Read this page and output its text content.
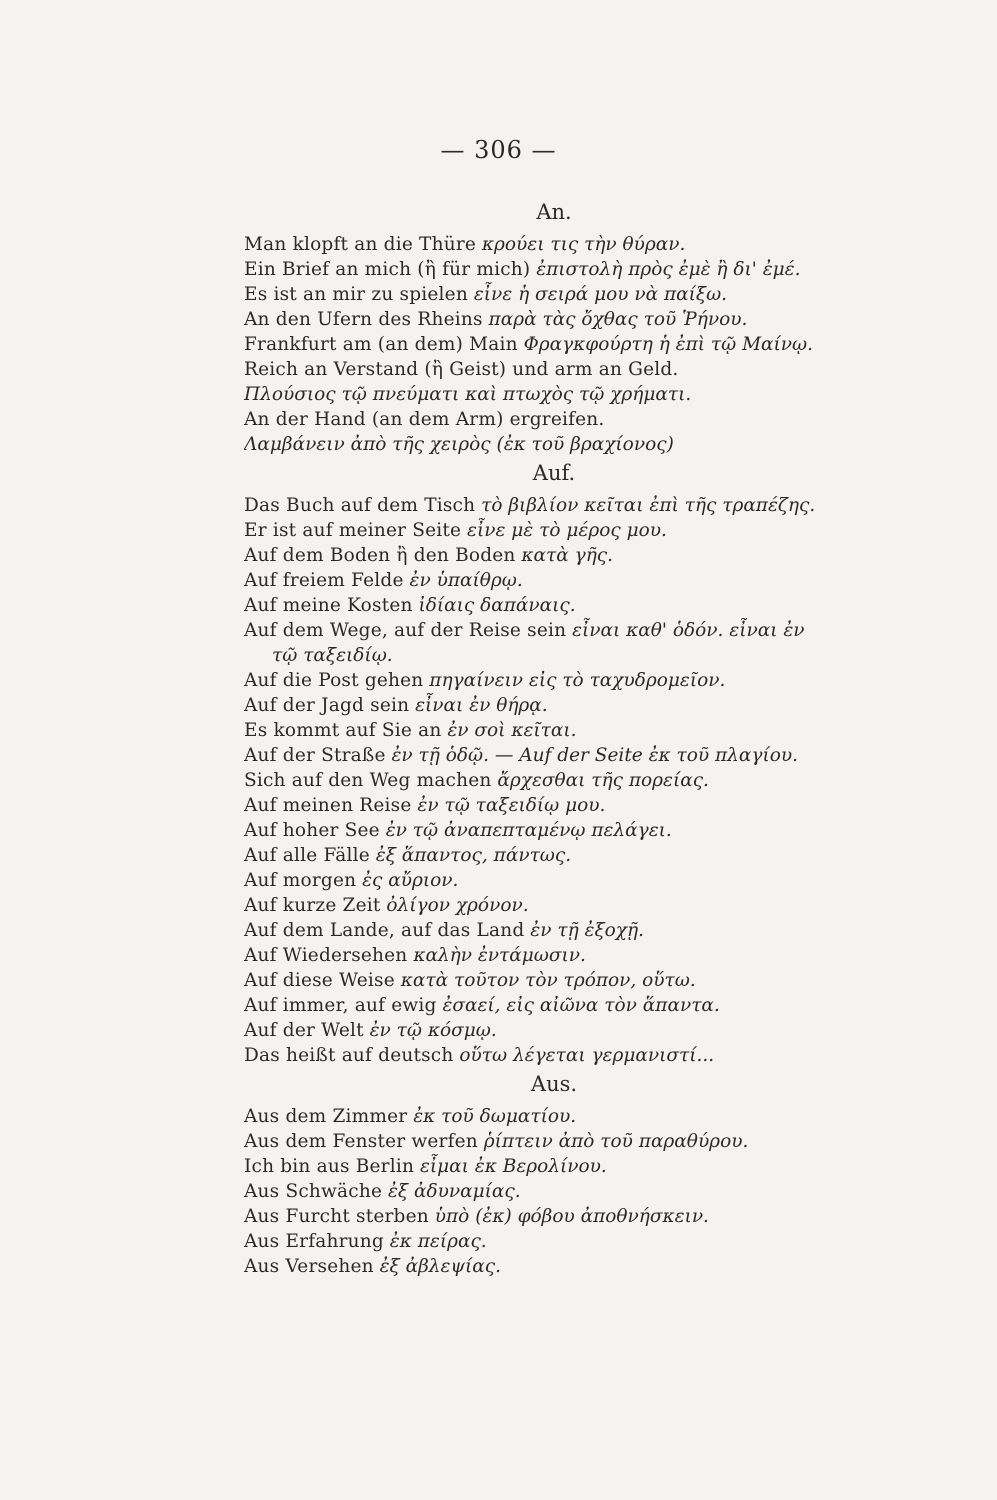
— 306 —
An.
Man klopft an die Thüre κρούει τις τὴν θύραν.
Ein Brief an mich (ἢ für mich) ἐπιστολὴ πρὸς ἐμὲ ἢ δι' ἐμέ.
Es ist an mir zu spielen εἶνε ἡ σειρά μου νὰ παίξω.
An den Ufern des Rheins παρὰ τὰς ὄχθας τοῦ Ῥήνου.
Frankfurt am (an dem) Main Φραγκφούρτη ἡ ἐπὶ τῷ Μαίνῳ.
Reich an Verstand (ἢ Geist) und arm an Geld.
Πλούσιος τῷ πνεύματι καὶ πτωχὸς τῷ χρήματι.
An der Hand (an dem Arm) ergreifen.
Λαμβάνειν ἀπὸ τῆς χειρὸς (ἐκ τοῦ βραχίονος)
Auf.
Das Buch auf dem Tisch τὸ βιβλίον κεῖται ἐπὶ τῆς τραπέζης.
Er ist auf meiner Seite εἶνε μὲ τὸ μέρος μου.
Auf dem Boden ἢ den Boden κατὰ γῆς.
Auf freiem Felde ἐν ὑπαίθρῳ.
Auf meine Kosten ἰδίαις δαπάναις.
Auf dem Wege, auf der Reise sein εἶναι καθ' ὁδόν. εἶναι ἐν
τῷ ταξειδίῳ.
Auf die Post gehen πηγαίνειν εἰς τὸ ταχυδρομεῖον.
Auf der Jagd sein εἶναι ἐν θήρᾳ.
Es kommt auf Sie an ἐν σοὶ κεῖται.
Auf der Straße ἐν τῇ ὁδῷ. — Auf der Seite ἐκ τοῦ πλαγίου.
Sich auf den Weg machen ἄρχεσθαι τῆς πορείας.
Auf meinen Reise ἐν τῷ ταξειδίῳ μου.
Auf hoher See ἐν τῷ ἀναπεπταμένῳ πελάγει.
Auf alle Fälle ἐξ ἅπαντος, πάντως.
Auf morgen ἐς αὔριον.
Auf kurze Zeit ὀλίγον χρόνον.
Auf dem Lande, auf das Land ἐν τῇ ἐξοχῇ.
Auf Wiedersehen καλὴν ἐντάμωσιν.
Auf diese Weise κατὰ τοῦτον τὸν τρόπον, οὕτω.
Auf immer, auf ewig ἐσαεί, εἰς αἰῶνα τὸν ἅπαντα.
Auf der Welt ἐν τῷ κόσμῳ.
Das heißt auf deutsch οὕτω λέγεται γερμανιστί...
Aus.
Aus dem Zimmer ἐκ τοῦ δωματίου.
Aus dem Fenster werfen ῥίπτειν ἀπὸ τοῦ παραθύρου.
Ich bin aus Berlin εἶμαι ἐκ Βερολίνου.
Aus Schwäche ἐξ ἀδυναμίας.
Aus Furcht sterben ὑπὸ (ἐκ) φόβου ἀποθνήσκειν.
Aus Erfahrung ἐκ πείρας.
Aus Versehen ἐξ ἀβλεψίας.
